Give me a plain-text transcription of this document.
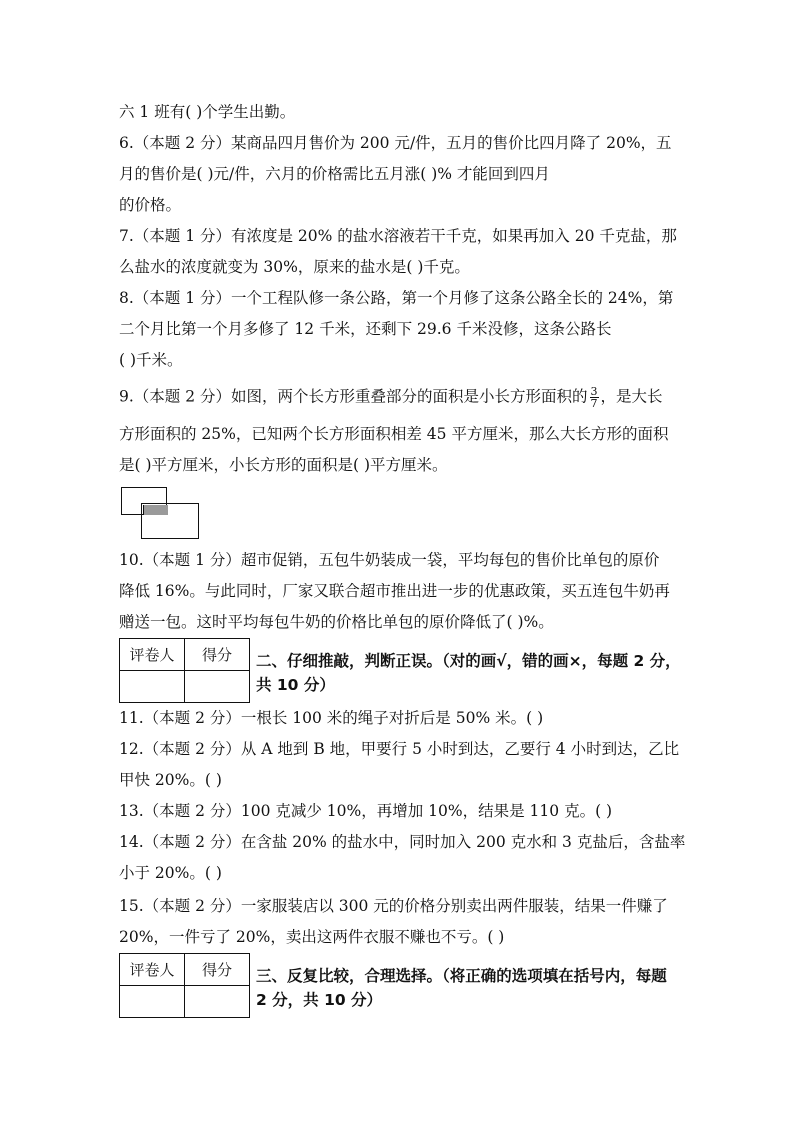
六 1 班有( )个学生出勤。
6.（本题 2 分）某商品四月售价为 200 元/件，五月的售价比四月降了 20%，五
月的售价是( )元/件，六月的价格需比五月涨( )% 才能回到四月
的价格。
7.（本题 1 分）有浓度是 20% 的盐水溶液若干千克，如果再加入 20 千克盐，那
么盐水的浓度就变为 30%，原来的盐水是( )千克。
8.（本题 1 分）一个工程队修一条公路，第一个月修了这条公路全长的 24%，第
二个月比第一个月多修了 12 千米，还剩下 29.6 千米没修，这条公路长
( )千米。
9.（本题 2 分）如图，两个长方形重叠部分的面积是小长方形面积的 $\frac{3}{7}$ ，是大长
方形面积的 25%，已知两个长方形面积相差 45 平方厘米，那么大长方形的面积
是( )平方厘米，小长方形的面积是( )平方厘米。
10.（本题 1 分）超市促销，五包牛奶装成一袋，平均每包的售价比单包的原价
降低 16%。与此同时，厂家又联合超市推出进一步的优惠政策，买五连包牛奶再
赠送一包。这时平均每包牛奶的价格比单包的原价降低了( )%。
评卷人	得分
	二、仔细推敲，判断正误。（对的画√，错的画×，每题 2 分，
共 10 分）
11.（本题 2 分）一根长 100 米的绳子对折后是 50% 米。( )
12.（本题 2 分）从 A 地到 B 地，甲要行 5 小时到达，乙要行 4 小时到达，乙比
甲快 20%。( )
13.（本题 2 分）100 克减少 10%，再增加 10%，结果是 110 克。( )
14.（本题 2 分）在含盐 20% 的盐水中，同时加入 200 克水和 3 克盐后，含盐率
小于 20%。( )
15.（本题 2 分）一家服装店以 300 元的价格分别卖出两件服装，结果一件赚了
20%，一件亏了 20%，卖出这两件衣服不赚也不亏。( )
评卷人	得分
	三、反复比较，合理选择。（将正确的选项填在括号内，每题
2 分，共 10 分）
